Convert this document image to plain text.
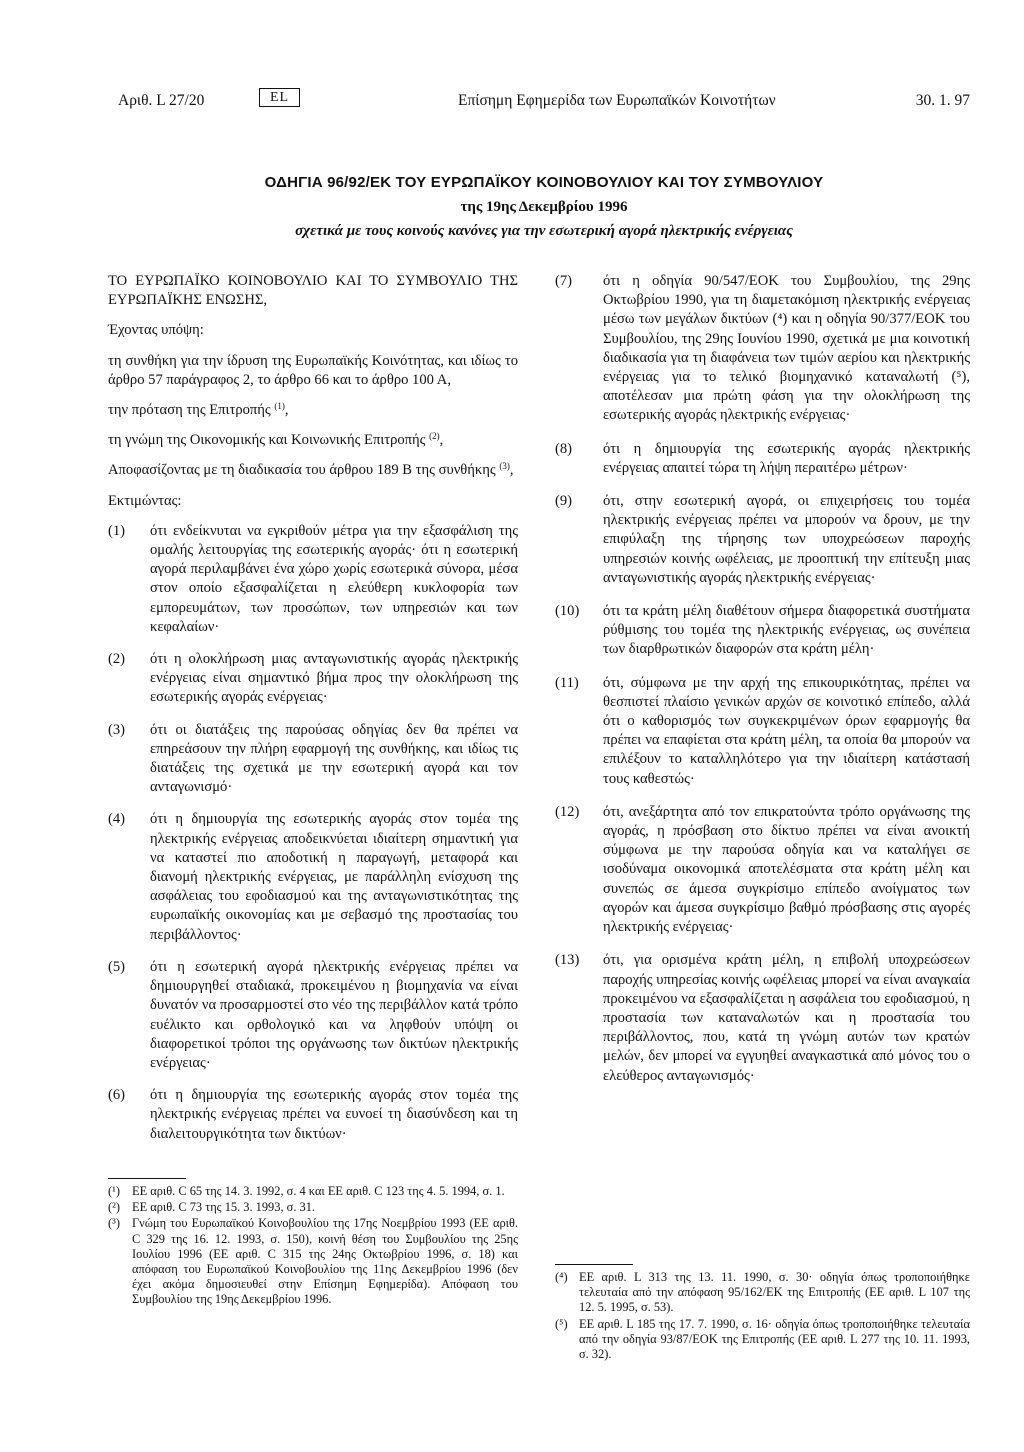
Αριθ. L 27/20	EL	Επίσημη Εφημερίδα των Ευρωπαϊκών Κοινοτήτων	30. 1. 97
ΟΔΗΓΙΑ 96/92/ΕΚ ΤΟΥ ΕΥΡΩΠΑΪΚΟΥ ΚΟΙΝΟΒΟΥΛΙΟΥ ΚΑΙ ΤΟΥ ΣΥΜΒΟΥΛΙΟΥ
της 19ης Δεκεμβρίου 1996
σχετικά με τους κοινούς κανόνες για την εσωτερική αγορά ηλεκτρικής ενέργειας

ΤΟ ΕΥΡΩΠΑΪΚΟ ΚΟΙΝΟΒΟΥΛΙΟ ΚΑΙ ΤΟ ΣΥΜΒΟΥΛΙΟ ΤΗΣ ΕΥΡΩΠΑΪΚΗΣ ΕΝΩΣΗΣ,

Έχοντας υπόψη:

τη συνθήκη για την ίδρυση της Ευρωπαϊκής Κοινότητας, και ιδίως το άρθρο 57 παράγραφος 2, το άρθρο 66 και το άρθρο 100 Α,

την πρόταση της Επιτροπής $^{(1)}$,

τη γνώμη της Οικονομικής και Κοινωνικής Επιτροπής $^{(2)}$,

Αποφασίζοντας με τη διαδικασία του άρθρου 189 Β της συνθήκης $^{(3)}$,

Εκτιμώντας:

(1)	ότι ενδείκνυται να εγκριθούν μέτρα για την εξασφάλιση της ομαλής λειτουργίας της εσωτερικής αγοράς· ότι η εσωτερική αγορά περιλαμβάνει ένα χώρο χωρίς εσωτερικά σύνορα, μέσα στον οποίο εξασφαλίζεται η ελεύθερη κυκλοφορία των εμπορευμάτων, των προσώπων, των υπηρεσιών και των κεφαλαίων·
(2)	ότι η ολοκλήρωση μιας ανταγωνιστικής αγοράς ηλεκτρικής ενέργειας είναι σημαντικό βήμα προς την ολοκλήρωση της εσωτερικής αγοράς ενέργειας·
(3)	ότι οι διατάξεις της παρούσας οδηγίας δεν θα πρέπει να επηρεάσουν την πλήρη εφαρμογή της συνθήκης, και ιδίως τις διατάξεις της σχετικά με την εσωτερική αγορά και τον ανταγωνισμό·
(4)	ότι η δημιουργία της εσωτερικής αγοράς στον τομέα της ηλεκτρικής ενέργειας αποδεικνύεται ιδιαίτερη σημαντική για να καταστεί πιο αποδοτική η παραγωγή, μεταφορά και διανομή ηλεκτρικής ενέργειας, με παράλληλη ενίσχυση της ασφάλειας του εφοδιασμού και της ανταγωνιστικότητας της ευρωπαϊκής οικονομίας και με σεβασμό της προστασίας του περιβάλλοντος·
(5)	ότι η εσωτερική αγορά ηλεκτρικής ενέργειας πρέπει να δημιουργηθεί σταδιακά, προκειμένου η βιομηχανία να είναι δυνατόν να προσαρμοστεί στο νέο της περιβάλλον κατά τρόπο ευέλικτο και ορθολογικό και να ληφθούν υπόψη οι διαφορετικοί τρόποι της οργάνωσης των δικτύων ηλεκτρικής ενέργειας·
(6)	ότι η δημιουργία της εσωτερικής αγοράς στον τομέα της ηλεκτρικής ενέργειας πρέπει να ευνοεί τη διασύνδεση και τη διαλειτουργικότητα των δικτύων·
(7)	ότι η οδηγία 90/547/ΕΟΚ του Συμβουλίου, της 29ης Οκτωβρίου 1990, για τη διαμετακόμιση ηλεκτρικής ενέργειας μέσω των μεγάλων δικτύων (⁴) και η οδηγία 90/377/ΕΟΚ του Συμβουλίου, της 29ης Ιουνίου 1990, σχετικά με μια κοινοτική διαδικασία για τη διαφάνεια των τιμών αερίου και ηλεκτρικής ενέργειας για το τελικό βιομηχανικό καταναλωτή (⁵), αποτέλεσαν μια πρώτη φάση για την ολοκλήρωση της εσωτερικής αγοράς ηλεκτρικής ενέργειας·
(8)	ότι η δημιουργία της εσωτερικής αγοράς ηλεκτρικής ενέργειας απαιτεί τώρα τη λήψη περαιτέρω μέτρων·
(9)	ότι, στην εσωτερική αγορά, οι επιχειρήσεις του τομέα ηλεκτρικής ενέργειας πρέπει να μπορούν να δρουν, με την επιφύλαξη της τήρησης των υποχρεώσεων παροχής υπηρεσιών κοινής ωφέλειας, με προοπτική την επίτευξη μιας ανταγωνιστικής αγοράς ηλεκτρικής ενέργειας·
(10)	ότι τα κράτη μέλη διαθέτουν σήμερα διαφορετικά συστήματα ρύθμισης του τομέα της ηλεκτρικής ενέργειας, ως συνέπεια των διαρθρωτικών διαφορών στα κράτη μέλη·
(11)	ότι, σύμφωνα με την αρχή της επικουρικότητας, πρέπει να θεσπιστεί πλαίσιο γενικών αρχών σε κοινοτικό επίπεδο, αλλά ότι ο καθορισμός των συγκεκριμένων όρων εφαρμογής θα πρέπει να επαφίεται στα κράτη μέλη, τα οποία θα μπορούν να επιλέξουν το καταλληλότερο για την ιδιαίτερη κατάστασή τους καθεστώς·
(12)	ότι, ανεξάρτητα από τον επικρατούντα τρόπο οργάνωσης της αγοράς, η πρόσβαση στο δίκτυο πρέπει να είναι ανοικτή σύμφωνα με την παρούσα οδηγία και να καταλήγει σε ισοδύναμα οικονομικά αποτελέσματα στα κράτη μέλη και συνεπώς σε άμεσα συγκρίσιμο επίπεδο ανοίγματος των αγορών και άμεσα συγκρίσιμο βαθμό πρόσβασης στις αγορές ηλεκτρικής ενέργειας·
(13)	ότι, για ορισμένα κράτη μέλη, η επιβολή υποχρεώσεων παροχής υπηρεσίας κοινής ωφέλειας μπορεί να είναι αναγκαία προκειμένου να εξασφαλίζεται η ασφάλεια του εφοδιασμού, η προστασία των καταναλωτών και η προστασία του περιβάλλοντος, που, κατά τη γνώμη αυτών των κρατών μελών, δεν μπορεί να εγγυηθεί αναγκαστικά από μόνος του ο ελεύθερος ανταγωνισμός·
(¹) ΕΕ αριθ. C 65 της 14. 3. 1992, σ. 4 και ΕΕ αριθ. C 123 της 4. 5. 1994, σ. 1.
(²) ΕΕ αριθ. C 73 της 15. 3. 1993, σ. 31.
(³) Γνώμη του Ευρωπαϊκού Κοινοβουλίου της 17ης Νοεμβρίου 1993 (ΕΕ αριθ. C 329 της 16. 12. 1993, σ. 150), κοινή θέση του Συμβουλίου της 25ης Ιουλίου 1996 (ΕΕ αριθ. C 315 της 24ης Οκτωβρίου 1996, σ. 18) και απόφαση του Ευρωπαϊκού Κοινοβουλίου της 11ης Δεκεμβρίου 1996 (δεν έχει ακόμα δημοσιευθεί στην Επίσημη Εφημερίδα). Απόφαση του Συμβουλίου της 19ης Δεκεμβρίου 1996.
(⁴) ΕΕ αριθ. L 313 της 13. 11. 1990, σ. 30· οδηγία όπως τροποποιήθηκε τελευταία από την απόφαση 95/162/ΕΚ της Επιτροπής (ΕΕ αριθ. L 107 της 12. 5. 1995, σ. 53).
(⁵) ΕΕ αριθ. L 185 της 17. 7. 1990, σ. 16· οδηγία όπως τροποποιήθηκε τελευταία από την οδηγία 93/87/ΕΟΚ της Επιτροπής (ΕΕ αριθ. L 277 της 10. 11. 1993, σ. 32).
